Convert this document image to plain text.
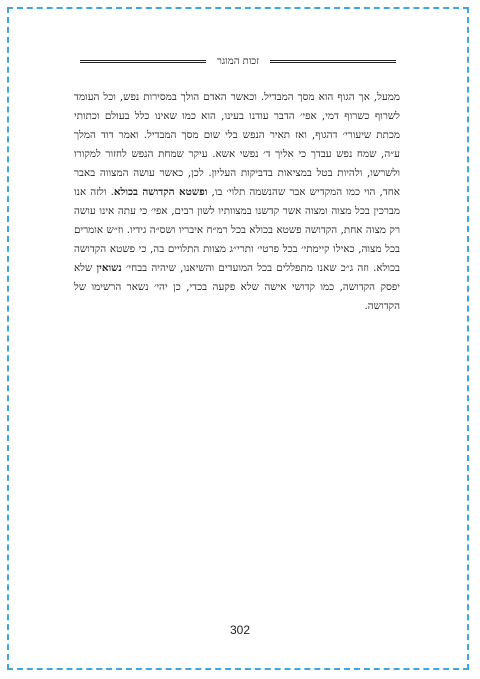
זכות המוגר
ממעל, אך הגוף הוא מסך המבדיל. וכאשר האדם הולך במסירות נפש, וכל העומד לשרוף כשרוף דמי, אפי׳ הדבר עודנו בעינו, הוא כמו שאינו כלל בעולם וכתותי מכתת שיעורי׳ דהגוף, ואז תאיר הנפש בלי שום מסך המבדיל. ואמר דוד המלך ע״ה, שמח נפש עבדך כי אליך ד׳ נפשי אשא. עיקר שמחת הנפש לחזור למקורו ולשרשו, ולהיות בטל במציאות בדביקות העליון. לכן, כאשר עושה המצווה באבר אחד, הוי כמו המקדיש אבר שהנשמה תלוי׳ בו, ופשטא הקדושה בכולא. ולזה אנו מברכין בכל מצוה ומצוה אשר קדשנו במצוותיו לשון רבים, אפי׳ כי עתה אינו עושה רק מצוה אחת, הקדושה פשטא בכולא בכל רמ״ח איבריו ושס״ה גידיו. וז״ש אומרים בכל מצוה, כאילו קיימתי׳ בכל פרטי׳ ותרי״ג מצוות התלויים בה, כי פשטא הקדושה בכולא. וזה ג״כ שאנו מתפללים בכל המועדים והשיאנו, שיהיה בבחי׳ נשואין שלא יפסק הקדושה, כמו קדושי אישה שלא פקעה בכדי, כן יהי׳ נשאר הרשימו של הקדושה.
302
